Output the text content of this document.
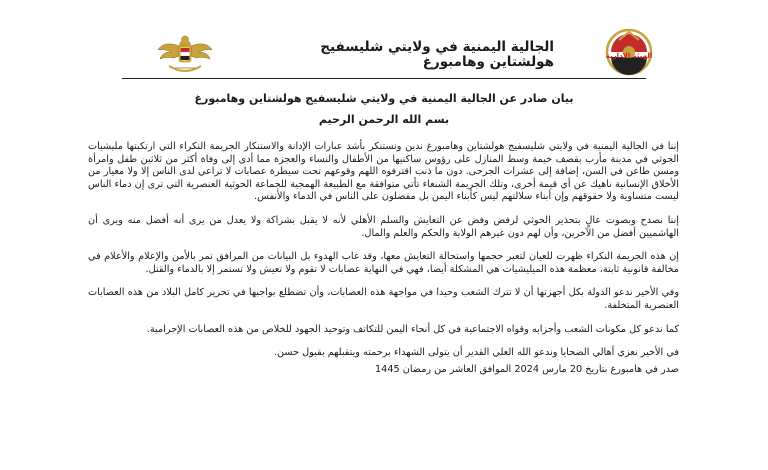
الجالية اليمنية في ولايتي شليسفيج
هولشتاين وهامبورغ	الهيئة الإدارية
بيان صادر عن الجالية اليمنية في ولايتي شليسفيج هولشتاين وهامبورغ
بسم الله الرحمن الرحيم

إننا في الجالية اليمنية في ولايتي شليسفيج هولشتاين وهامبورغ ندين ونستنكر بأشد عبارات الإدانة والاستنكار الجريمة النكراء التي ارتكبتها مليشيات الحوثي في مدينة مأرب بقصف خيمة وسط المنازل على رؤوس ساكنيها من الأطفال والنساء والعجزة مما أدى إلى وفاة أكثر من ثلاثين طفل وامرأة ومسن طاعن في السن، إضافة إلى عشرات الجرحى. دون ما ذنب اقترفوه اللهم وقوعهم تحت سيطرة عصابات لا تراعي لدى الناس إلا ولا معيار من الأخلاق الإنسانية ناهيك عن أي قيمة أخرى، وتلك الجريمة الشنعاء تأتي متوافقة مع الطبيعة الهمجية للجماعة الحوثية العنصرية التي ترى إن دماء الناس ليست متساوية ولا حقوقهم وإن أبناء سلالتهم ليس كأبناء اليمن بل مفضلون على الناس في الدماء والأنفس.

إننا نصدح وبصوت عالٍ بتحذير الحوثي لرفض وفض عن التعايش والسلم الأهلي لأنه لا يقبل بشراكة ولا يعدل من يرى أنه أفضل منه ويرى أن الهاشميين أفضل من الآخرين، وأن لهم دون غيرهم الولاية والحكم والعلم والمال.

إن هذه الجريمة النكراء ظهرت للعيان لتعبر حجمها واستحالة التعايش معها، وقد غاب الهدوء بل البيانات من المرافق تمر بالأمن والإعلام والأعلام في مخالفة قانونية ثابتة، معظمة هذه الميليشيات هي المشكلة أيضا، فهي في النهاية عصابات لا تقوم ولا تعيش ولا تستمر إلا بالدماء والقتل.

وفي الأخير ندعو الدولة بكل أجهزتها أن لا تترك الشعب وحيدا في مواجهة هذه العصابات، وأن تضطلع بواجبها في تحرير كامل البلاد من هذه العصابات العنصرية المتخلفة.

كما ندعو كل مكونات الشعب وأحزابه وقواه الاجتماعية في كل أنحاء اليمن للتكاتف وتوحيد الجهود للخلاص من هذه العصابات الإجرامية.

في الأخير نعزي أهالي الضحايا وندعو الله العلي القدير أن يتولى الشهداء برحمته ويتقبلهم بقبول حسن.

صدر في هامبورغ بتاريخ 20 مارس 2024 الموافق العاشر من رمضان 1445
